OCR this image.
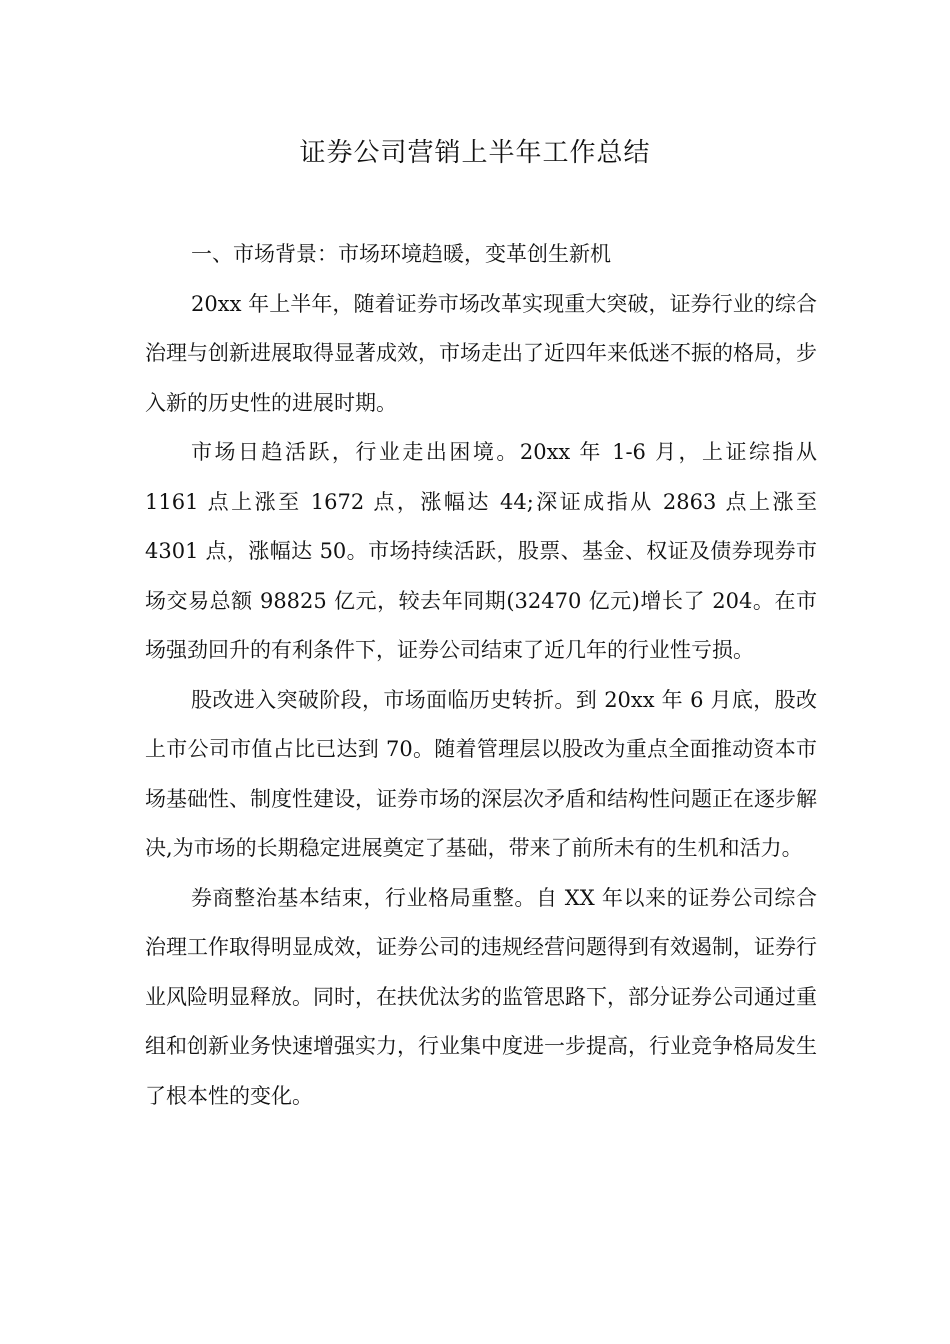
证券公司营销上半年工作总结

一、市场背景：市场环境趋暖，变革创生新机

20xx 年上半年，随着证券市场改革实现重大突破，证券行业的综合治理与创新进展取得显著成效，市场走出了近四年来低迷不振的格局，步入新的历史性的进展时期。

市场日趋活跃，行业走出困境。20xx 年 1-6 月，上证综指从 1161 点上涨至 1672 点，涨幅达 44;深证成指从 2863 点上涨至 4301 点，涨幅达 50。市场持续活跃，股票、基金、权证及债券现券市场交易总额 98825 亿元，较去年同期(32470 亿元)增长了 204。在市场强劲回升的有利条件下，证券公司结束了近几年的行业性亏损。

股改进入突破阶段，市场面临历史转折。到 20xx 年 6 月底，股改上市公司市值占比已达到 70。随着管理层以股改为重点全面推动资本市场基础性、制度性建设，证券市场的深层次矛盾和结构性问题正在逐步解决,为市场的长期稳定进展奠定了基础，带来了前所未有的生机和活力。

券商整治基本结束，行业格局重整。自 XX 年以来的证券公司综合治理工作取得明显成效，证券公司的违规经营问题得到有效遏制，证券行业风险明显释放。同时，在扶优汰劣的监管思路下，部分证券公司通过重组和创新业务快速增强实力，行业集中度进一步提高，行业竞争格局发生了根本性的变化。
